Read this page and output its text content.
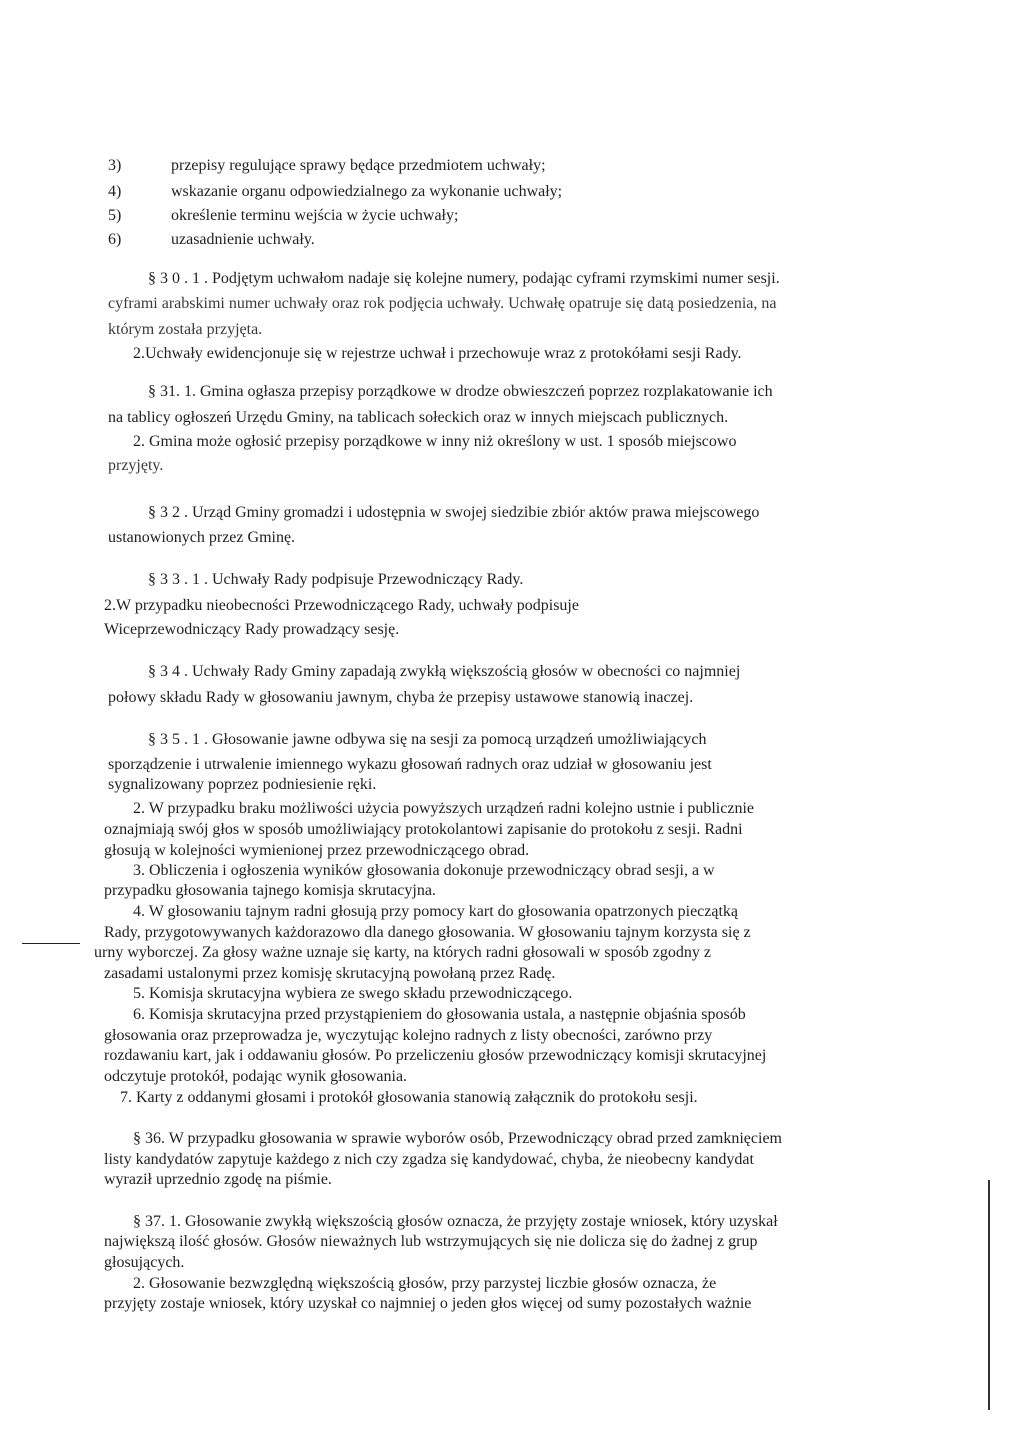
3)	przepisy regulujące sprawy będące przedmiotem uchwały;
4)	wskazanie organu odpowiedzialnego za wykonanie uchwały;
5)	określenie terminu wejścia w życie uchwały;
6)	uzasadnienie uchwały.
§ 3 0 . 1 . Podjętym uchwałom nadaje się kolejne numery, podając cyframi rzymskimi numer sesji.
cyframi arabskimi numer uchwały oraz rok podjęcia uchwały. Uchwałę opatruje się datą posiedzenia, na
którym została przyjęta.
2.Uchwały ewidencjonuje się w rejestrze uchwał i przechowuje wraz z protokółami sesji Rady.
§ 31. 1. Gmina ogłasza przepisy porządkowe w drodze obwieszczeń poprzez rozplakatowanie ich
na tablicy ogłoszeń Urzędu Gminy, na tablicach sołeckich oraz w innych miejscach publicznych.
2. Gmina może ogłosić przepisy porządkowe w inny niż określony w ust. 1 sposób miejscowo
przyjęty.
§ 3 2 . Urząd Gminy gromadzi i udostępnia w swojej siedzibie zbiór aktów prawa miejscowego
ustanowionych przez Gminę.
§ 3 3 . 1 . Uchwały Rady podpisuje Przewodniczący Rady.
2.W przypadku nieobecności Przewodniczącego Rady, uchwały podpisuje
Wiceprzewodniczący Rady prowadzący sesję.
§ 3 4 . Uchwały Rady Gminy zapadają zwykłą większością głosów w obecności co najmniej
połowy składu Rady w głosowaniu jawnym, chyba że przepisy ustawowe stanowią inaczej.
§ 3 5 . 1 . Głosowanie jawne odbywa się na sesji za pomocą urządzeń umożliwiających
sporządzenie i utrwalenie imiennego wykazu głosowań radnych oraz udział w głosowaniu jest
sygnalizowany poprzez podniesienie ręki.
2. W przypadku braku możliwości użycia powyższych urządzeń radni kolejno ustnie i publicznie
oznajmiają swój głos w sposób umożliwiający protokolantowi zapisanie do protokołu z sesji. Radni
głosują w kolejności wymienionej przez przewodniczącego obrad.
3. Obliczenia i ogłoszenia wyników głosowania dokonuje przewodniczący obrad sesji, a w
przypadku głosowania tajnego komisja skrutacyjna.
4. W głosowaniu tajnym radni głosują przy pomocy kart do głosowania opatrzonych pieczątką
Rady, przygotowywanych każdorazowo dla danego głosowania. W głosowaniu tajnym korzysta się z
urny wyborczej. Za głosy ważne uznaje się karty, na których radni głosowali w sposób zgodny z
zasadami ustalonymi przez komisję skrutacyjną powołaną przez Radę.
5. Komisja skrutacyjna wybiera ze swego składu przewodniczącego.
6. Komisja skrutacyjna przed przystąpieniem do głosowania ustala, a następnie objaśnia sposób
głosowania oraz przeprowadza je, wyczytując kolejno radnych z listy obecności, zarówno przy
rozdawaniu kart, jak i oddawaniu głosów. Po przeliczeniu głosów przewodniczący komisji skrutacyjnej
odczytuje protokół, podając wynik głosowania.
7. Karty z oddanymi głosami i protokół głosowania stanowią załącznik do protokołu sesji.
§ 36. W przypadku głosowania w sprawie wyborów osób, Przewodniczący obrad przed zamknięciem
listy kandydatów zapytuje każdego z nich czy zgadza się kandydować, chyba, że nieobecny kandydat
wyraził uprzednio zgodę na piśmie.
§ 37. 1. Głosowanie zwykłą większością głosów oznacza, że przyjęty zostaje wniosek, który uzyskał
największą ilość głosów. Głosów nieważnych lub wstrzymujących się nie dolicza się do żadnej z grup
głosujących.
2. Głosowanie bezwzględną większością głosów, przy parzystej liczbie głosów oznacza, że
przyjęty zostaje wniosek, który uzyskał co najmniej o jeden głos więcej od sumy pozostałych ważnie
